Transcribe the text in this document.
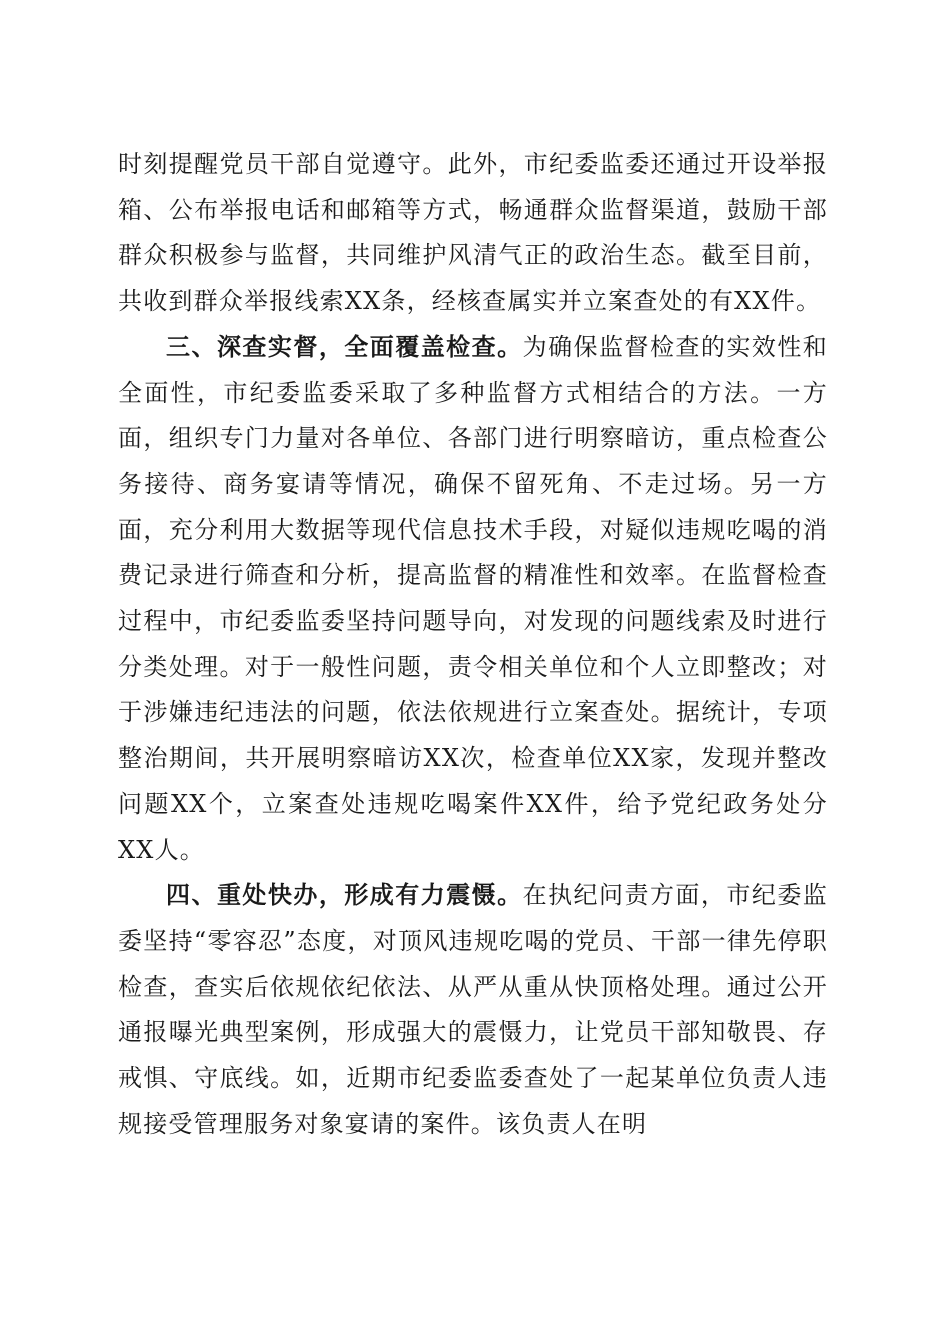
时刻提醒党员干部自觉遵守。此外，市纪委监委还通过开设举报箱、公布举报电话和邮箱等方式，畅通群众监督渠道，鼓励干部群众积极参与监督，共同维护风清气正的政治生态。截至目前，共收到群众举报线索XX条，经核查属实并立案查处的有XX件。

三、深查实督，全面覆盖检查。为确保监督检查的实效性和全面性，市纪委监委采取了多种监督方式相结合的方法。一方面，组织专门力量对各单位、各部门进行明察暗访，重点检查公务接待、商务宴请等情况，确保不留死角、不走过场。另一方面，充分利用大数据等现代信息技术手段，对疑似违规吃喝的消费记录进行筛查和分析，提高监督的精准性和效率。在监督检查过程中，市纪委监委坚持问题导向，对发现的问题线索及时进行分类处理。对于一般性问题，责令相关单位和个人立即整改；对于涉嫌违纪违法的问题，依法依规进行立案查处。据统计，专项整治期间，共开展明察暗访XX次，检查单位XX家，发现并整改问题XX个，立案查处违规吃喝案件XX件，给予党纪政务处分XX人。

四、重处快办，形成有力震慑。在执纪问责方面，市纪委监委坚持“零容忍”态度，对顶风违规吃喝的党员、干部一律先停职检查，查实后依规依纪依法、从严从重从快顶格处理。通过公开通报曝光典型案例，形成强大的震慑力，让党员干部知敬畏、存戒惧、守底线。如，近期市纪委监委查处了一起某单位负责人违规接受管理服务对象宴请的案件。该负责人在明
